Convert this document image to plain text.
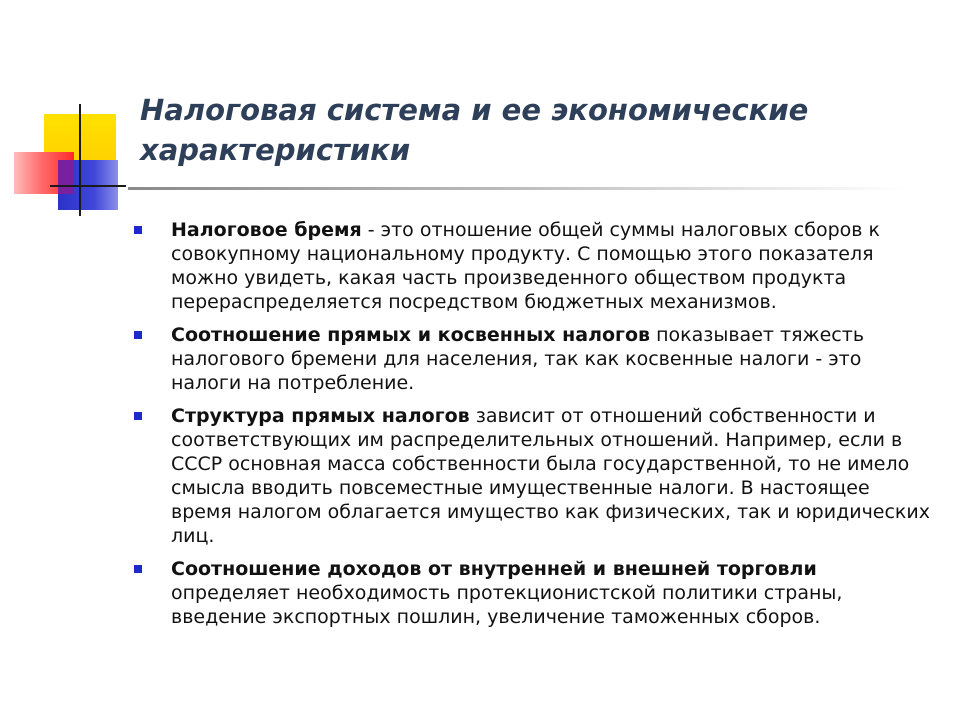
Налоговая система и ее экономические характеристики
Налоговое бремя - это отношение общей суммы налоговых сборов к совокупному национальному продукту. С помощью этого показателя можно увидеть, какая часть произведенного обществом продукта перераспределяется посредством бюджетных механизмов.
Соотношение прямых и косвенных налогов показывает тяжесть налогового бремени для населения, так как косвенные налоги - это налоги на потребление.
Структура прямых налогов зависит от отношений собственности и соответствующих им распределительных отношений. Например, если в СССР основная масса собственности была государственной, то не имело смысла вводить повсеместные имущественные налоги. В настоящее время налогом облагается имущество как физических, так и юридических лиц.
Соотношение доходов от внутренней и внешней торговли определяет необходимость протекционистской политики страны, введение экспортных пошлин, увеличение таможенных сборов.
